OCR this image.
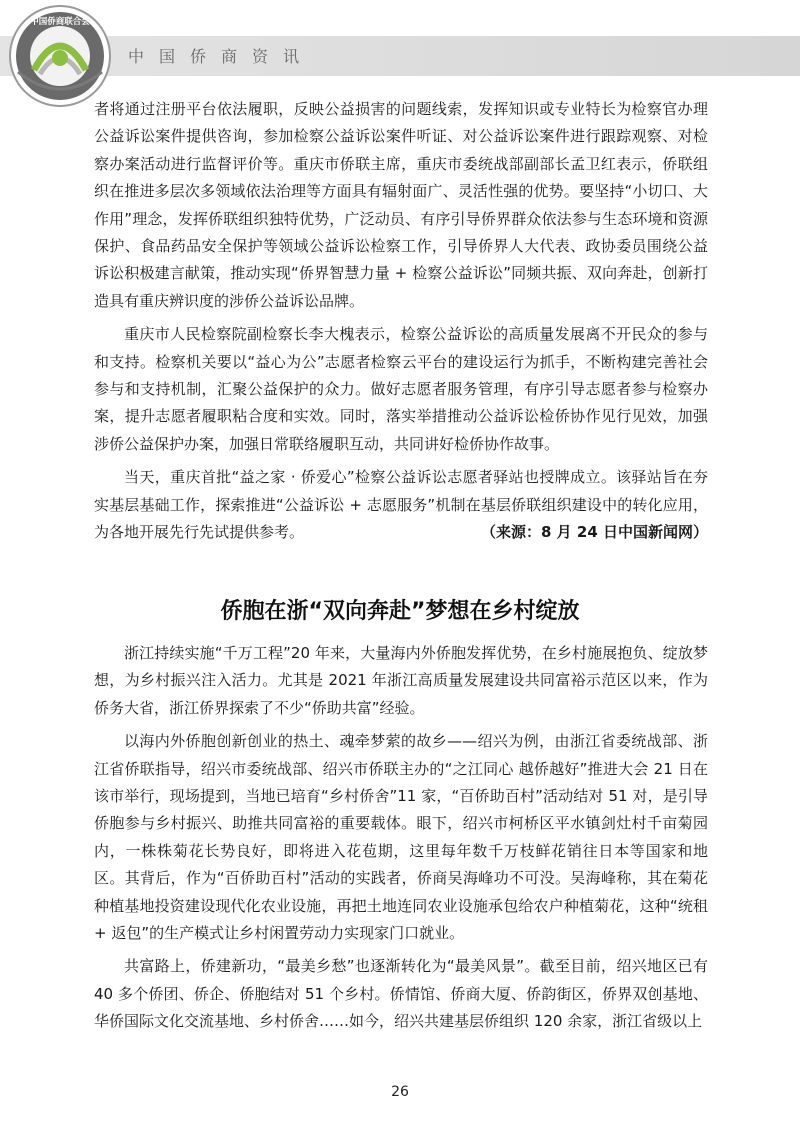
中国侨商联合会
中国侨商资讯

者将通过注册平台依法履职，反映公益损害的问题线索，发挥知识或专业特长为检察官办理公益诉讼案件提供咨询，参加检察公益诉讼案件听证、对公益诉讼案件进行跟踪观察、对检察办案活动进行监督评价等。重庆市侨联主席，重庆市委统战部副部长孟卫红表示，侨联组织在推进多层次多领域依法治理等方面具有辐射面广、灵活性强的优势。要坚持“小切口、大作用”理念，发挥侨联组织独特优势，广泛动员、有序引导侨界群众依法参与生态环境和资源保护、食品药品安全保护等领域公益诉讼检察工作，引导侨界人大代表、政协委员围绕公益诉讼积极建言献策，推动实现“侨界智慧力量 + 检察公益诉讼”同频共振、双向奔赴，创新打造具有重庆辨识度的涉侨公益诉讼品牌。

重庆市人民检察院副检察长李大槐表示，检察公益诉讼的高质量发展离不开民众的参与和支持。检察机关要以“益心为公”志愿者检察云平台的建设运行为抓手，不断构建完善社会参与和支持机制，汇聚公益保护的众力。做好志愿者服务管理，有序引导志愿者参与检察办案，提升志愿者履职粘合度和实效。同时，落实举措推动公益诉讼检侨协作见行见效，加强涉侨公益保护办案，加强日常联络履职互动，共同讲好检侨协作故事。

当天，重庆首批“益之家 · 侨爱心”检察公益诉讼志愿者驿站也授牌成立。该驿站旨在夯实基层基础工作，探索推进“公益诉讼 + 志愿服务”机制在基层侨联组织建设中的转化应用，为各地开展先行先试提供参考。	（来源：8 月 24 日中国新闻网）

侨胞在浙“双向奔赴”梦想在乡村绽放

浙江持续实施“千万工程”20 年来，大量海内外侨胞发挥优势，在乡村施展抱负、绽放梦想，为乡村振兴注入活力。尤其是 2021 年浙江高质量发展建设共同富裕示范区以来，作为侨务大省，浙江侨界探索了不少“侨助共富”经验。

以海内外侨胞创新创业的热土、魂牵梦萦的故乡——绍兴为例，由浙江省委统战部、浙江省侨联指导，绍兴市委统战部、绍兴市侨联主办的“之江同心 越侨越好”推进大会 21 日在该市举行，现场提到，当地已培育“乡村侨舍”11 家，“百侨助百村”活动结对 51 对，是引导侨胞参与乡村振兴、助推共同富裕的重要载体。眼下，绍兴市柯桥区平水镇剑灶村千亩菊园内，一株株菊花长势良好，即将进入花苞期，这里每年数千万枝鲜花销往日本等国家和地区。其背后，作为“百侨助百村”活动的实践者，侨商吴海峰功不可没。吴海峰称，其在菊花种植基地投资建设现代化农业设施，再把土地连同农业设施承包给农户种植菊花，这种“统租 + 返包”的生产模式让乡村闲置劳动力实现家门口就业。

共富路上，侨建新功，“最美乡愁”也逐渐转化为“最美风景”。截至目前，绍兴地区已有 40 多个侨团、侨企、侨胞结对 51 个乡村。侨情馆、侨商大厦、侨韵街区，侨界双创基地、华侨国际文化交流基地、乡村侨舍……如今，绍兴共建基层侨组织 120 余家，浙江省级以上

26
